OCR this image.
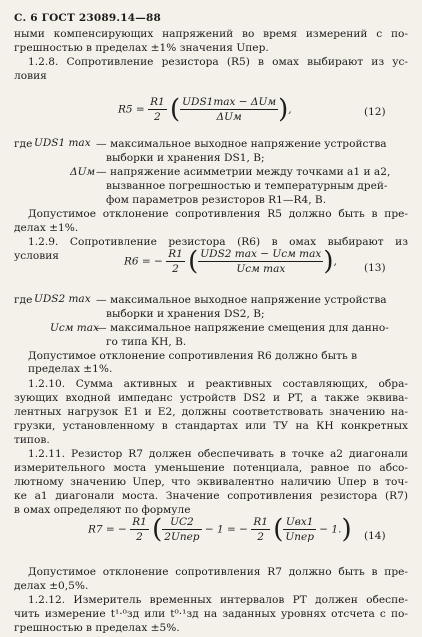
С. 6 ГОСТ 23089.14—88
ными компенсирующих напряжений во время измерений с по-
грешностью в пределах ±1% значения Uпер.
1.2.8. Сопротивление резистора (R5) в омах выбирают из ус-
ловия
$R5 = \frac{R1}{2}$ ( $\frac{\text{UDS1max − ΔUм}}{\text{ΔUм}}$ ),	(12)
где UDS1 max — максимальное выходное напряжение устройства
выборки и хранения DS1, В;
ΔUм — напряжение асимметрии между точками a1 и a2,
вызванное погрешностью и температурным дрей-
фом параметров резисторов R1—R4, В.
Допустимое отклонение сопротивления R5 должно быть в пре-
делах ±1%.
1.2.9. Сопротивление резистора (R6) в омах выбирают из
условия	R6 = − $\frac{R1}{2}$ ( $\frac{\text{UDS2 max − Uсм max}}{\text{Uсм max}}$ ),
(13)
где UDS2 max — максимальное выходное напряжение устройства
выборки и хранения DS2, В;
Uсм max
— максимальное напряжение смещения для данно-
го типа КН, В.
Допустимое отклонение сопротивления R6 должно быть в пределах ±1%.
1.2.10. Сумма активных и реактивных составляющих, обра-
зующих входной импеданс устройств DS2 и PT, а также эквива-
лентных нагрузок E1 и E2, должны соответствовать значению на-
грузки, установленному в стандартах или ТУ на КН конкретных
типов.
1.2.11. Резистор R7 должен обеспечивать в точке a2 диагонали
измерительного моста уменьшение потенциала, равное по абсо-
лютному значению Uпер, что эквивалентно наличию Uпер в точ-
ке a1 диагонали моста. Значение сопротивления резистора (R7)
в омах определяют по формуле
R7 = − $\frac{R1}{2}$ ( $\frac{UC2}{\text{2Uпер}} - 1$ = − $\frac{R1}{2}$ ( $\frac{\text{Uвх1}}{\text{Uпер}} - 1$.) (14)
Допустимое отклонение сопротивления R7 должно быть в пре-
делах ±0,5%.
1.2.12. Измеритель временных интервалов PT должен обеспе-
чить измерение t¹·⁰зд или t⁰·¹зд на заданных уровнях отсчета с по-
грешностью в пределах ±5%.
